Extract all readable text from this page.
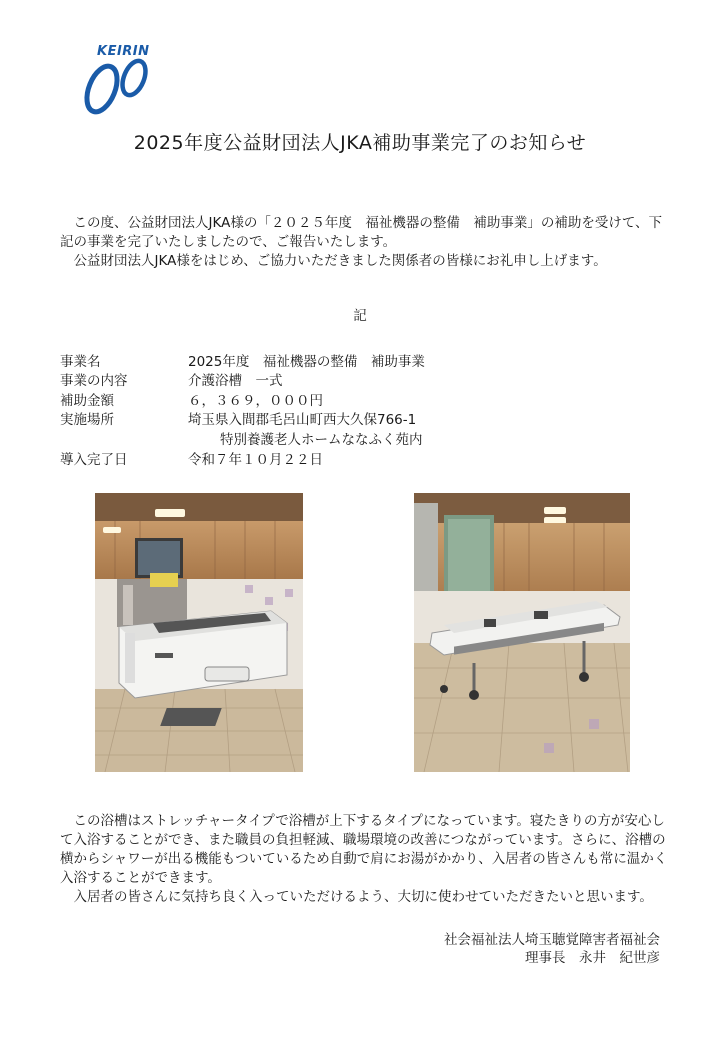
KEIRIN
2025年度公益財団法人JKA補助事業完了のお知らせ

　この度、公益財団法人JKA様の「２０２５年度　福祉機器の整備　補助事業」の補助を受けて、下記の事業を完了いたしましたので、ご報告いたします。

　公益財団法人JKA様をはじめ、ご協力いただきました関係者の皆様にお礼申し上げます。

記
事業名	2025年度　福祉機器の整備　補助事業
事業の内容	介護浴槽　一式
補助金額	６，３６９，０００円
実施場所	埼玉県入間郡毛呂山町西大久保766-1
特別養護老人ホームななふく苑内
導入完了日	令和７年１０月２２日

　この浴槽はストレッチャータイプで浴槽が上下するタイプになっています。寝たきりの方が安心して入浴することができ、また職員の負担軽減、職場環境の改善につながっています。さらに、浴槽の横からシャワーが出る機能もついているため自動で肩にお湯がかかり、入居者の皆さんも常に温かく入浴することができます。

　入居者の皆さんに気持ち良く入っていただけるよう、大切に使わせていただきたいと思います。

社会福祉法人埼玉聴覚障害者福祉会
理事長　永井　紀世彦
